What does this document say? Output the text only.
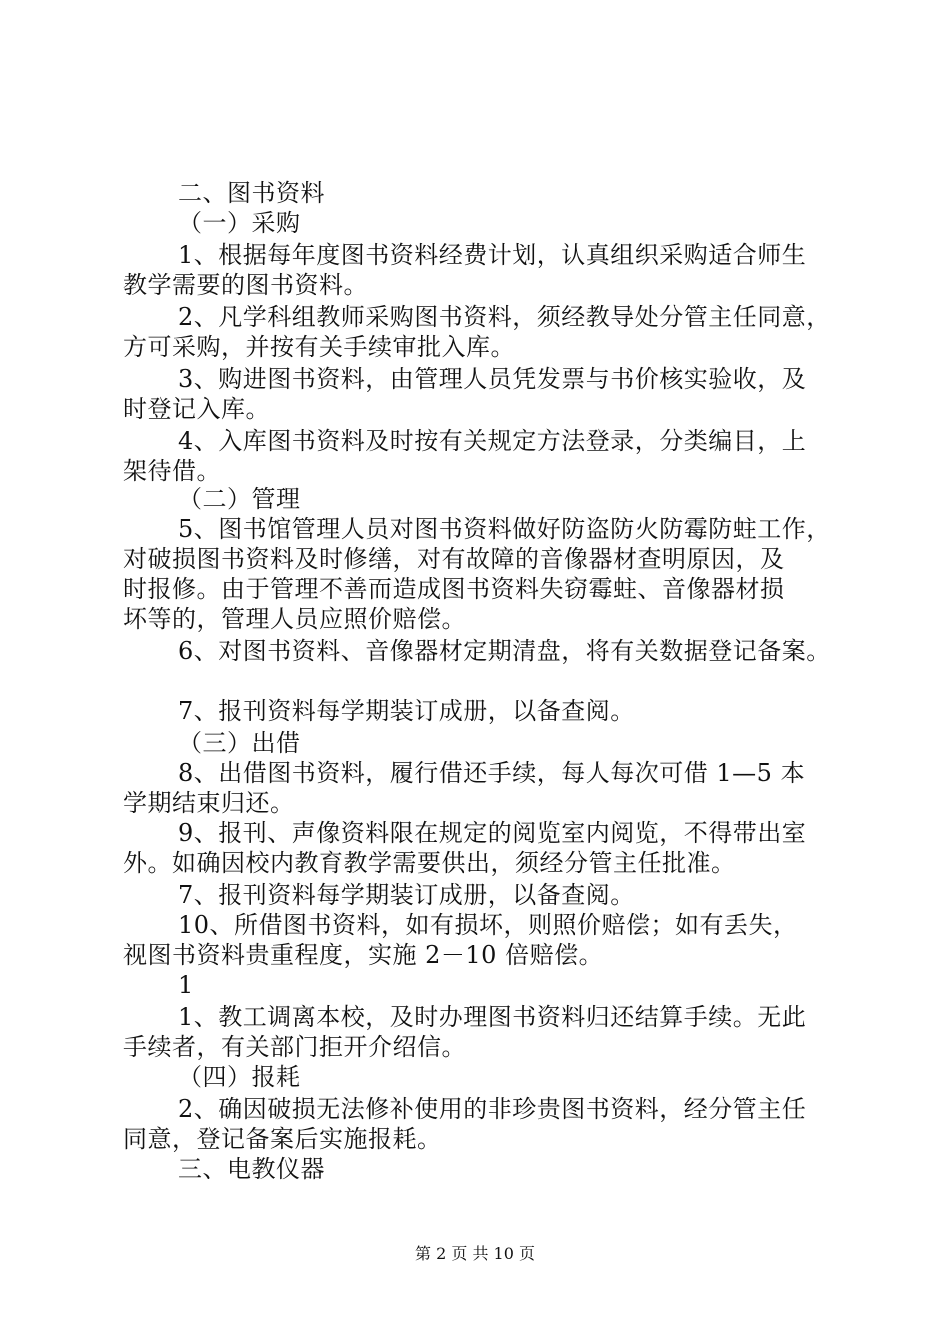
二、图书资料
（一）采购
1、根据每年度图书资料经费计划，认真组织采购适合师生
教学需要的图书资料。
2、凡学科组教师采购图书资料，须经教导处分管主任同意，
方可采购，并按有关手续审批入库。
3、购进图书资料，由管理人员凭发票与书价核实验收，及
时登记入库。
4、入库图书资料及时按有关规定方法登录，分类编目，上
架待借。
（二）管理
5、图书馆管理人员对图书资料做好防盗防火防霉防蛀工作，
对破损图书资料及时修缮，对有故障的音像器材查明原因，及
时报修。由于管理不善而造成图书资料失窃霉蛀、音像器材损
坏等的，管理人员应照价赔偿。
6、对图书资料、音像器材定期清盘，将有关数据登记备案。
7、报刊资料每学期装订成册，以备查阅。
（三）出借
8、出借图书资料，履行借还手续，每人每次可借 1—5 本
学期结束归还。
9、报刊、声像资料限在规定的阅览室内阅览，不得带出室
外。如确因校内教育教学需要供出，须经分管主任批准。
7、报刊资料每学期装订成册，以备查阅。
10、所借图书资料，如有损坏，则照价赔偿；如有丢失，
视图书资料贵重程度，实施 2－10 倍赔偿。
1
1、教工调离本校，及时办理图书资料归还结算手续。无此
手续者，有关部门拒开介绍信。
（四）报耗
2、确因破损无法修补使用的非珍贵图书资料，经分管主任
同意，登记备案后实施报耗。
三、电教仪器
第 2 页 共 10 页
